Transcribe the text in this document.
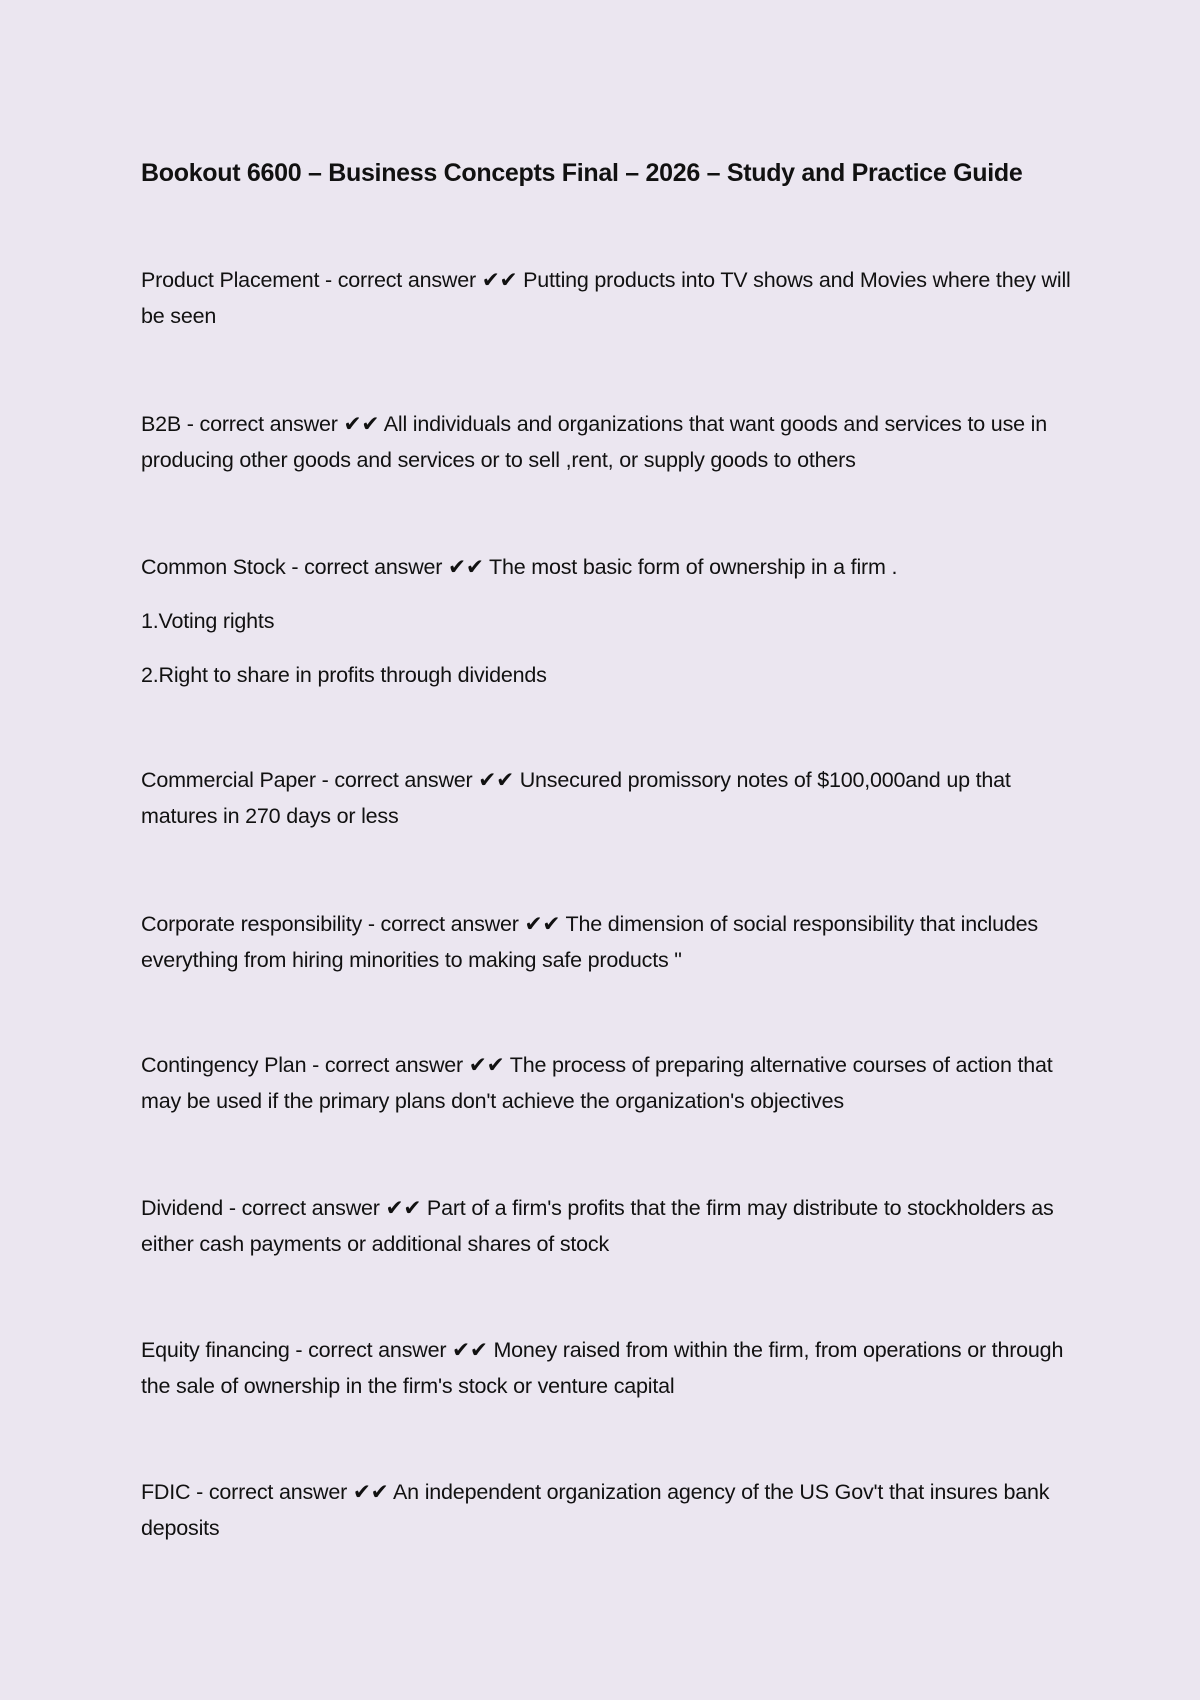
Bookout 6600 – Business Concepts Final – 2026 – Study and Practice Guide

Product Placement - correct answer ✔✔ Putting products into TV shows and Movies where they will be seen

B2B - correct answer ✔✔ All individuals and organizations that want goods and services to use in producing other goods and services or to sell ,rent, or supply goods to others

Common Stock - correct answer ✔✔ The most basic form of ownership in a firm .

1.Voting rights

2.Right to share in profits through dividends

Commercial Paper - correct answer ✔✔ Unsecured promissory notes of $100,000and up that matures in 270 days or less

Corporate responsibility - correct answer ✔✔ The dimension of social responsibility that includes everything from hiring minorities to making safe products "

Contingency Plan - correct answer ✔✔ The process of preparing alternative courses of action that may be used if the primary plans don't achieve the organization's objectives

Dividend - correct answer ✔✔ Part of a firm's profits that the firm may distribute to stockholders as either cash payments or additional shares of stock

Equity financing - correct answer ✔✔ Money raised from within the firm, from operations or through the sale of ownership in the firm's stock or venture capital

FDIC - correct answer ✔✔ An independent organization agency of the US Gov't that insures bank deposits
